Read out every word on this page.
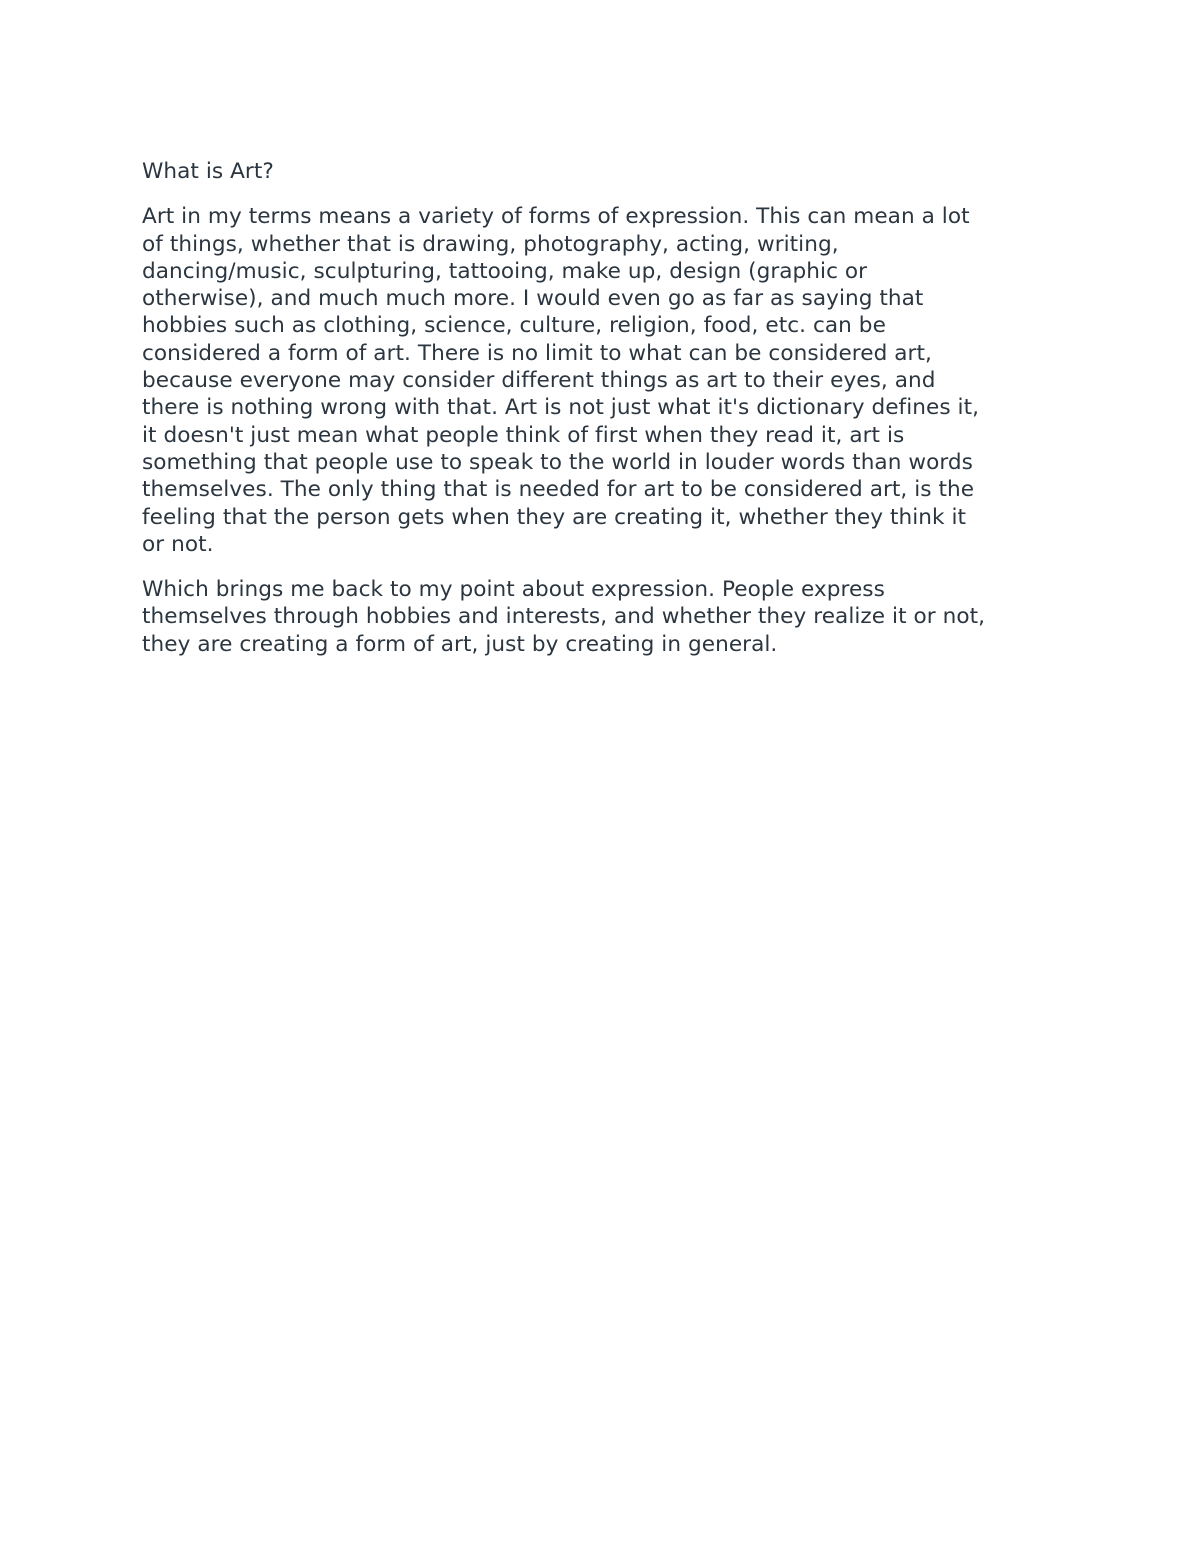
What is Art?

Art in my terms means a variety of forms of expression. This can mean a lot
of things, whether that is drawing, photography, acting, writing,
dancing/music, sculpturing, tattooing, make up, design (graphic or
otherwise), and much much more. I would even go as far as saying that
hobbies such as clothing, science, culture, religion, food, etc. can be
considered a form of art. There is no limit to what can be considered art,
because everyone may consider different things as art to their eyes, and
there is nothing wrong with that. Art is not just what it's dictionary defines it,
it doesn't just mean what people think of first when they read it, art is
something that people use to speak to the world in louder words than words
themselves. The only thing that is needed for art to be considered art, is the
feeling that the person gets when they are creating it, whether they think it
or not.

Which brings me back to my point about expression. People express
themselves through hobbies and interests, and whether they realize it or not,
they are creating a form of art, just by creating in general.
